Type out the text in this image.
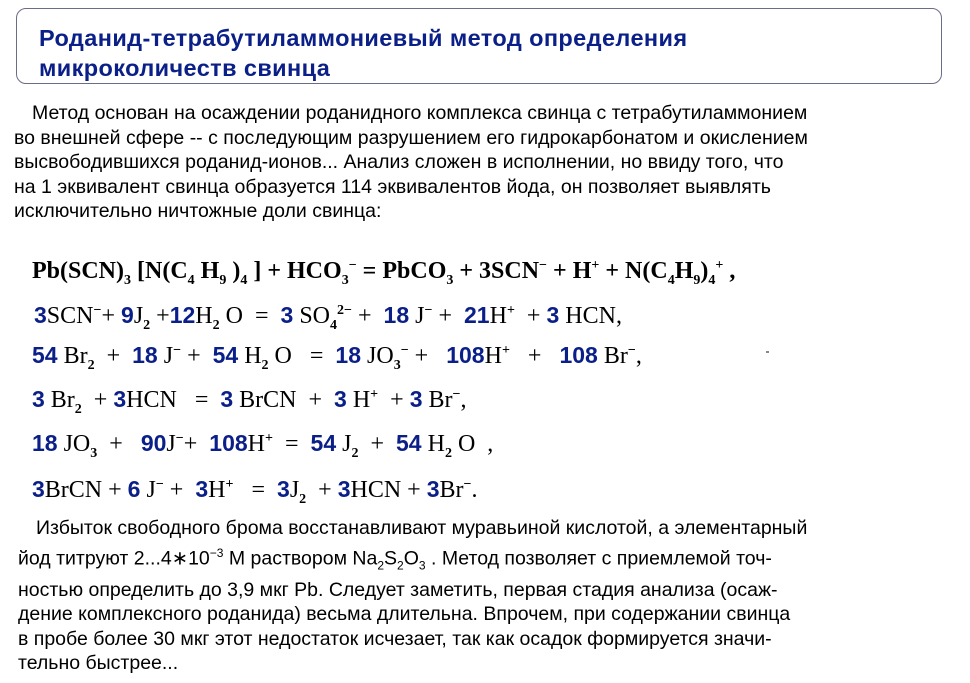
Роданид-тетрабутиламмониевый метод определения
микроколичеств свинца

Метод основан на осаждении роданидного комплекса свинца с тетрабутиламмонием
во внешней сфере -- с последующим разрушением его гидрокарбонатом и окислением
высвободившихся роданид-ионов... Анализ сложен в исполнении, но ввиду того, что
на 1 эквивалент свинца образуется 114 эквивалентов йода, он позволяет выявлять
исключительно ничтожные доли свинца:

$Pb(SCN)_3$ [$N(C_4$ $H_9$ )$_4$ ] + $HCO_3^-$ = PbCO$_3$ + $3SCN^- + H^+ + N(C_4H_9)_4^+$ ,
$3SCN^-+ 9J_2 +12H_2$ O  =  3 $SO_4^{2-} + 18$ J− +  21H+  + 3 HCN,
54 $Br_2 + 18$ J− +  54 $H_2$ O   =  18 $JO_3^- + 108H^+ + 108$ Br−,
3 $Br_2 + 3HCN = 3$ BrCN  +  3 H+  + 3 Br−,
18 $JO_3 + 90J^-+ 108H^+ = 54$ $J_2 + 54$ $H_2$ O  ,
3BrCN + 6 $J^- + 3H^+ = 3J_2 + 3HCN + 3Br^-$.

Избыток свободного брома восстанавливают муравьиной кислотой, а элементарный
йод титруют $2...4∗10^{-3}$ М раствором $Na_2S_2O_3$ . Метод позволяет с приемлемой точ-
ностью определить до 3,9 мкг Pb. Следует заметить, первая стадия анализа (осаж-
дение комплексного роданида) весьма длительна. Впрочем, при содержании свинца
в пробе более 30 мкг этот недостаток исчезает, так как осадок формируется значи-
тельно быстрее...
